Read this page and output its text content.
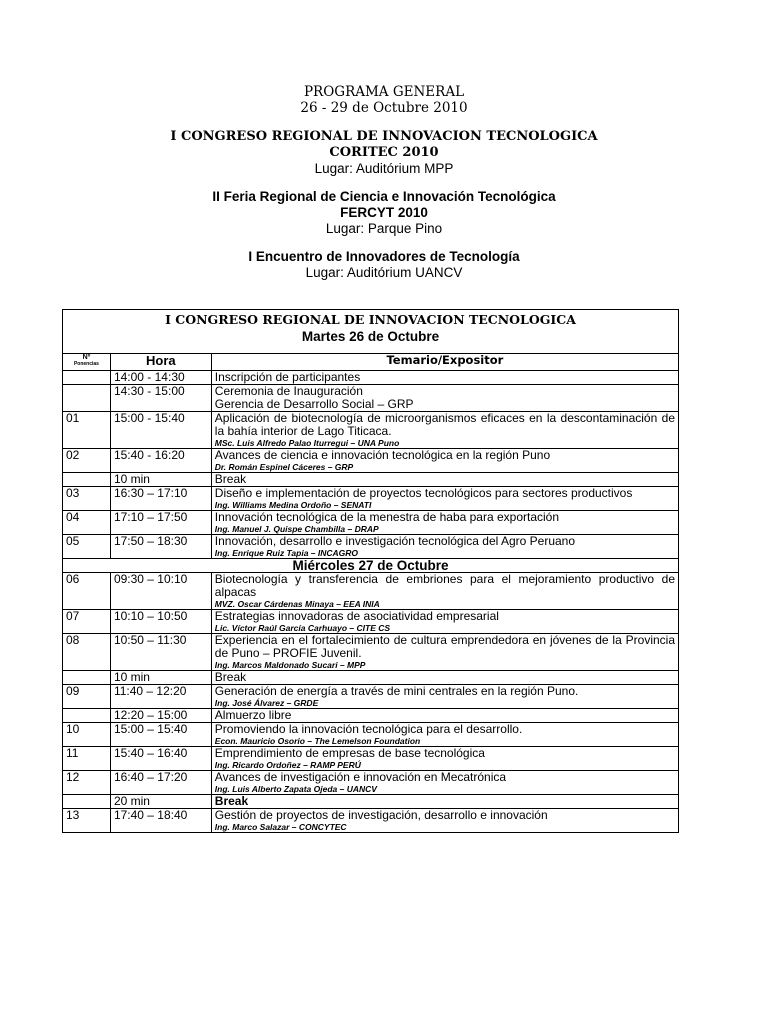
PROGRAMA GENERAL

26 - 29 de Octubre 2010

I CONGRESO REGIONAL DE INNOVACION TECNOLOGICA

CORITEC 2010

Lugar: Auditórium MPP

II Feria Regional de Ciencia e Innovación Tecnológica

FERCYT 2010

Lugar: Parque Pino

I Encuentro de Innovadores de Tecnología

Lugar: Auditórium UANCV

I CONGRESO REGIONAL DE INNOVACION TECNOLOGICA
Martes 26 de Octubre		

Nº
Ponencias	Hora	Temario/Expositor
	14:00 - 14:30	Inscripción de participantes
	14:30 - 15:00	Ceremonia de Inauguración
Gerencia de Desarrollo Social – GRP

01	15:00 - 15:40	Aplicación de biotecnología de microorganismos eficaces en la descontaminación de la bahía interior de Lago Titicaca.
MSc. Luis Alfredo Palao Iturregui – UNA Puno

02	15:40 - 16:20	Avances de ciencia e innovación tecnológica en la región Puno
Dr. Román Espinel Cáceres – GRP

	10 min	Break
03	16:30 – 17:10	Diseño e implementación de proyectos tecnológicos para sectores productivos
Ing. Williams Medina Ordoño – SENATI

04	17:10 – 17:50	Innovación tecnológica de la menestra de haba para exportación
Ing. Manuel J. Quispe Chambilla – DRAP

05	17:50 – 18:30	Innovación, desarrollo e investigación tecnológica del Agro Peruano
Ing. Enrique Ruiz Tapia – INCAGRO

Miércoles 27 de Octubre		
06	09:30 – 10:10	Biotecnología y transferencia de embriones para el mejoramiento productivo de alpacas
MVZ. Oscar Cárdenas Minaya – EEA INIA

07	10:10 – 10:50	Estrategias innovadoras de asociatividad empresarial
Lic. Víctor Raúl García Carhuayo – CITE CS

08	10:50 – 11:30	Experiencia en el fortalecimiento de cultura emprendedora en jóvenes de la Provincia de Puno – PROFIE Juvenil.
Ing. Marcos Maldonado Sucari – MPP

	10 min	Break
09	11:40 – 12:20	Generación de energía a través de mini centrales en la región Puno.
Ing. José Álvarez – GRDE

	12:20 – 15:00	Almuerzo libre
10	15:00 – 15:40	Promoviendo la innovación tecnológica para el desarrollo.
Econ. Mauricio Osorio – The Lemelson Foundation

11	15:40 – 16:40	Emprendimiento de empresas de base tecnológica
Ing. Ricardo Ordoñez – RAMP PERÚ

12	16:40 – 17:20	Avances de investigación e innovación en Mecatrónica
Ing. Luis Alberto Zapata Ojeda – UANCV

	20 min	Break
13	17:40 – 18:40	Gestión de proyectos de investigación, desarrollo e innovación
Ing. Marco Salazar – CONCYTEC
